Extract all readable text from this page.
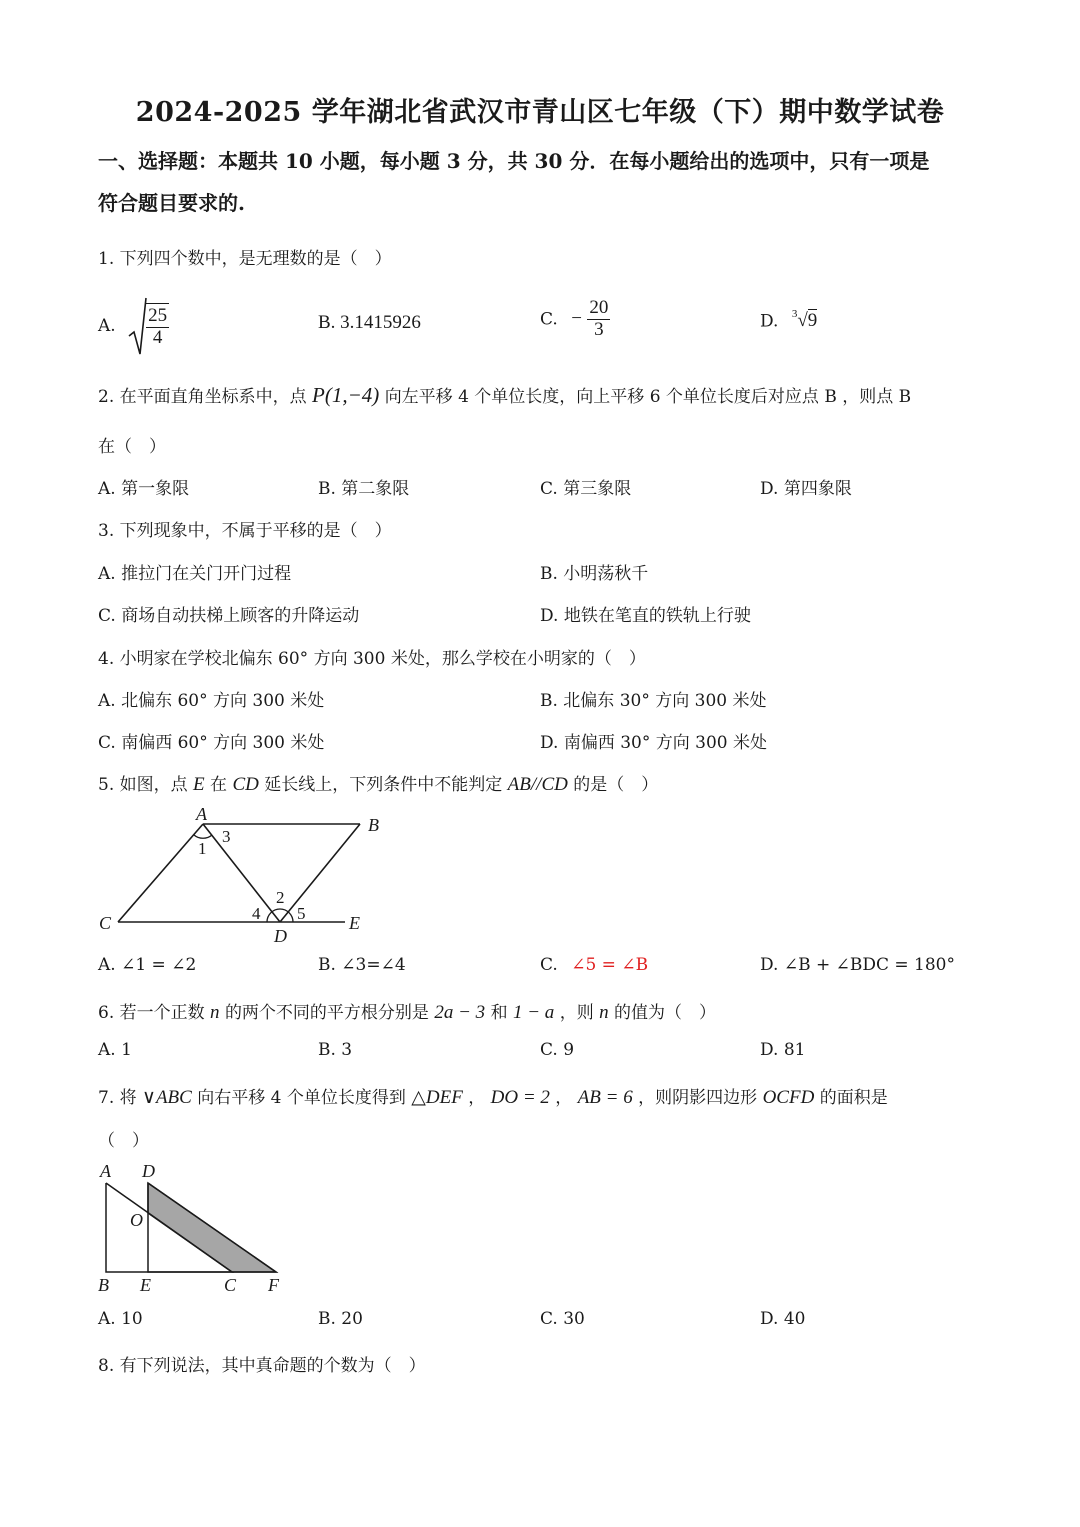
2024-2025 学年湖北省武汉市青山区七年级（下）期中数学试卷
一、选择题：本题共 10 小题，每小题 3 分，共 30 分．在每小题给出的选项中，只有一项是
符合题目要求的.
1. 下列四个数中，是无理数的是（　）
A. $\frac{25}{4}$	B. 3.1415926	C. − $\frac{20}{3}$	D. $^3$√9
2. 在平面直角坐标系中，点 P(1,−4) 向左平移 4 个单位长度，向上平移 6 个单位长度后对应点 B ，则点 B
在（　）
A. 第一象限	B. 第二象限	C. 第三象限	D. 第四象限
3. 下列现象中，不属于平移的是（　）
A. 推拉门在关门开门过程	B. 小明荡秋千
C. 商场自动扶梯上顾客的升降运动	D. 地铁在笔直的铁轨上行驶
4. 小明家在学校北偏东 60° 方向 300 米处，那么学校在小明家的（　）
A. 北偏东 60° 方向 300 米处	B. 北偏东 30° 方向 300 米处
C. 南偏西 60° 方向 300 米处	D. 南偏西 30° 方向 300 米处
5. 如图，点 E 在 CD 延长线上，下列条件中不能判定 AB//CD 的是（　）
A
B
C
D
E
1
3
2
4 5
A. ∠1 = ∠2	B. ∠3=∠4	C. ∠5 = ∠B	D. ∠B + ∠BDC = 180°
6. 若一个正数 n 的两个不同的平方根分别是 2a − 3 和 1 − a ，则 n 的值为（　）
A. 1	B. 3	C. 9	D. 81
7. 将 ∨ABC 向右平移 4 个单位长度得到 △DEF ， DO = 2 ， AB = 6 ，则阴影四边形 OCFD 的面积是
（　）
A D
O
B E	C F
A. 10	B. 20	C. 30	D. 40
8. 有下列说法，其中真命题的个数为（　）
